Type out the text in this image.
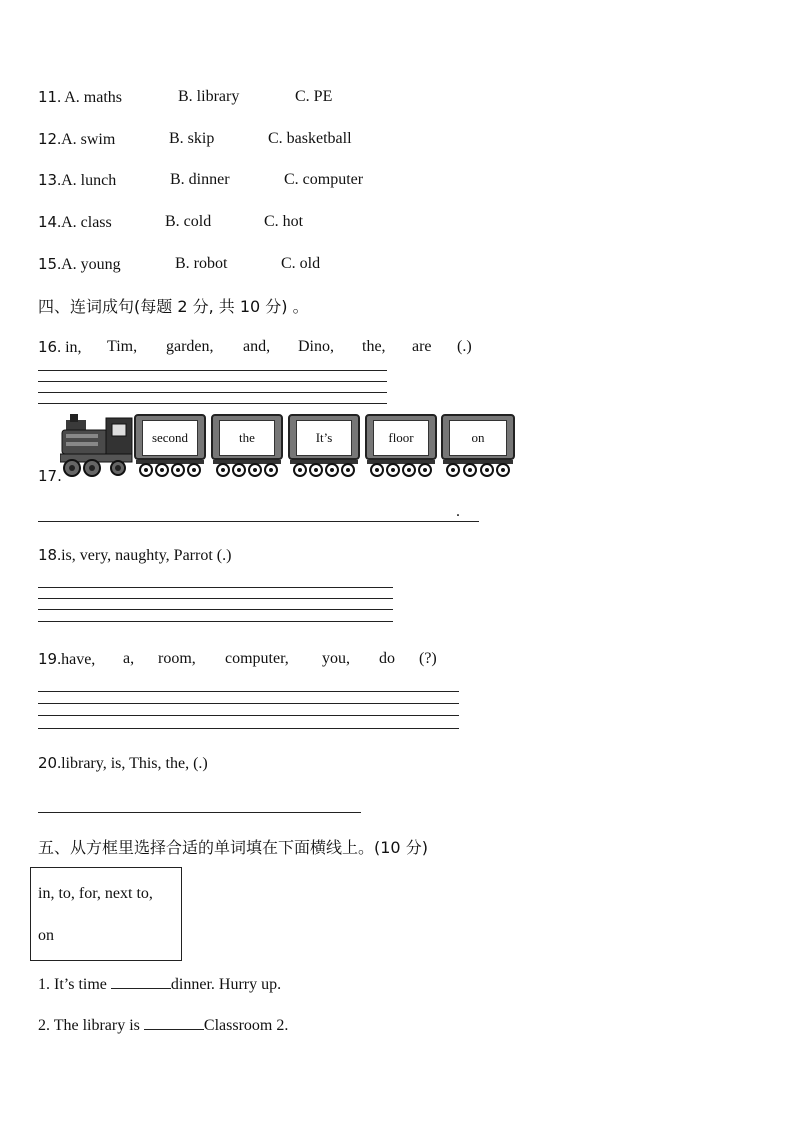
11. A. maths	B. library	C. PE
12.A. swim	B. skip	C. basketball
13.A. lunch	B. dinner	C. computer
14.A. class	B. cold	C. hot
15.A. young	B. robot	C. old
四、连词成句(每题 2 分, 共 10 分) 。
16. in, Tim, garden, and, Dino, the, are (.)
17.
second	the	It’s	floor	on
.
18.is, very, naughty, Parrot (.)
19.have, a, room, computer, you, do (?)
20.library, is, This, the, (.)
五、从方框里选择合适的单词填在下面横线上。(10 分)
in, to, for, next to,
on
1. It’s time	dinner. Hurry up.
2. The library is	Classroom 2.
